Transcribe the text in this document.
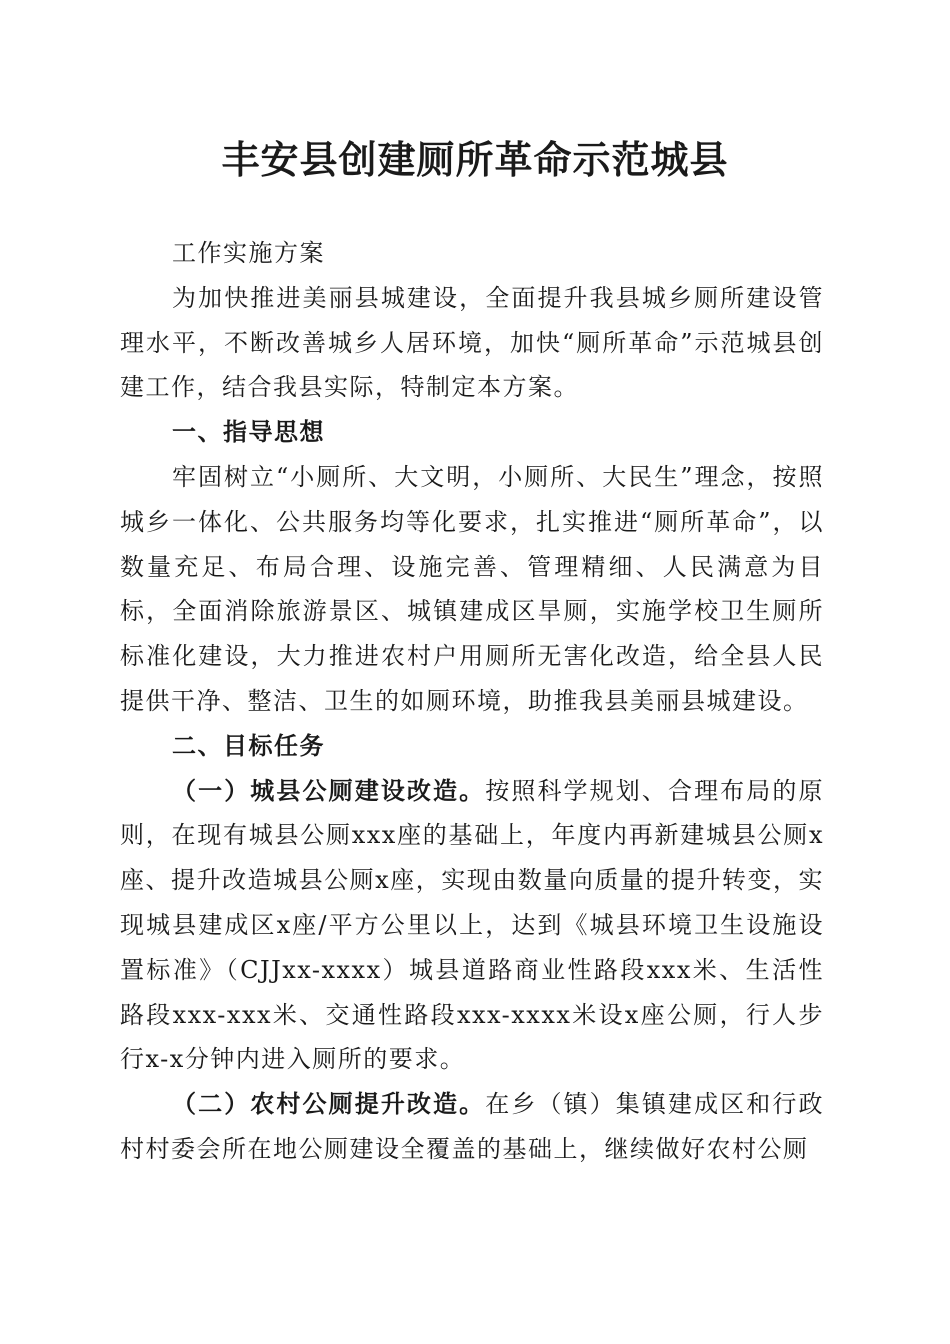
丰安县创建厕所革命示范城县

工作实施方案

为加快推进美丽县城建设，全面提升我县城乡厕所建设管理水平，不断改善城乡人居环境，加快“厕所革命”示范城县创建工作，结合我县实际，特制定本方案。

一、指导思想

牢固树立“小厕所、大文明，小厕所、大民生”理念，按照城乡一体化、公共服务均等化要求，扎实推进“厕所革命”，以数量充足、布局合理、设施完善、管理精细、人民满意为目标，全面消除旅游景区、城镇建成区旱厕，实施学校卫生厕所标准化建设，大力推进农村户用厕所无害化改造，给全县人民提供干净、整洁、卫生的如厕环境，助推我县美丽县城建设。

二、目标任务

（一）城县公厕建设改造。按照科学规划、合理布局的原则，在现有城县公厕xxx座的基础上，年度内再新建城县公厕x座、提升改造城县公厕x座，实现由数量向质量的提升转变，实现城县建成区x座/平方公里以上，达到《城县环境卫生设施设置标准》（CJJxx-xxxx）城县道路商业性路段xxx米、生活性路段xxx-xxx米、交通性路段xxx-xxxx米设x座公厕，行人步行x-x分钟内进入厕所的要求。

（二）农村公厕提升改造。在乡（镇）集镇建成区和行政村村委会所在地公厕建设全覆盖的基础上，继续做好农村公厕
